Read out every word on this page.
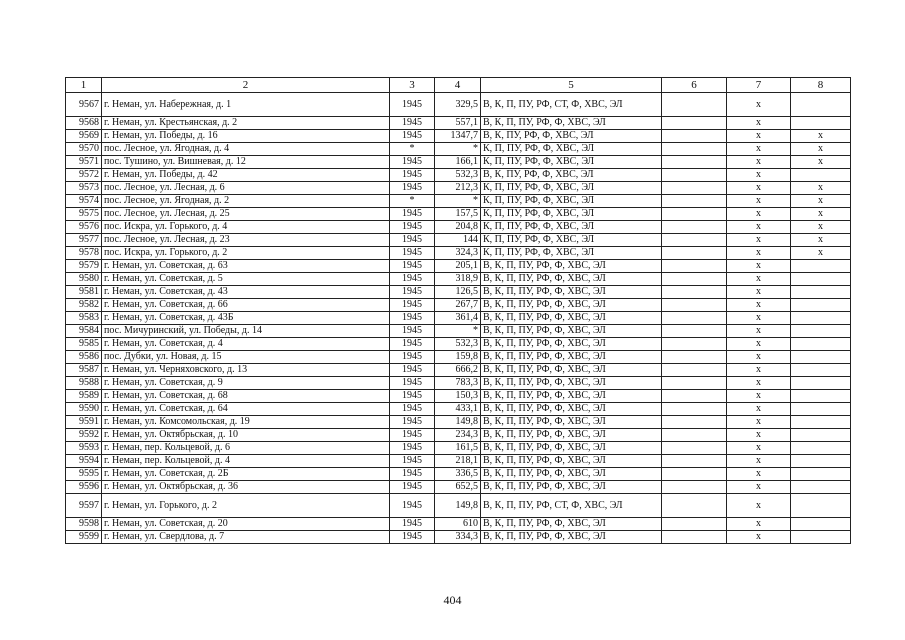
1	2	3	4	5	6	7	8
9567	г. Неман, ул. Набережная, д. 1	1945	329,5	В, К, П, ПУ, РФ, СТ, Ф, ХВС, ЭЛ		х	
9568	г. Неман, ул. Крестьянская, д. 2	1945	557,1	В, К, П, ПУ, РФ, Ф, ХВС, ЭЛ		х	
9569	г. Неман, ул. Победы, д. 16	1945	1347,7	В, К, ПУ, РФ, Ф, ХВС, ЭЛ		х	х
9570	пос. Лесное, ул. Ягодная, д. 4	*	*	К, П, ПУ, РФ, Ф, ХВС, ЭЛ		х	х
9571	пос. Тушино, ул. Вишневая, д. 12	1945	166,1	К, П, ПУ, РФ, Ф, ХВС, ЭЛ		х	х
9572	г. Неман, ул. Победы, д. 42	1945	532,3	В, К, ПУ, РФ, Ф, ХВС, ЭЛ		х	
9573	пос. Лесное, ул. Лесная, д. 6	1945	212,3	К, П, ПУ, РФ, Ф, ХВС, ЭЛ		х	х
9574	пос. Лесное, ул. Ягодная, д. 2	*	*	К, П, ПУ, РФ, Ф, ХВС, ЭЛ		х	х
9575	пос. Лесное, ул. Лесная, д. 25	1945	157,5	К, П, ПУ, РФ, Ф, ХВС, ЭЛ		х	х
9576	пос. Искра, ул. Горького, д. 4	1945	204,8	К, П, ПУ, РФ, Ф, ХВС, ЭЛ		х	х
9577	пос. Лесное, ул. Лесная, д. 23	1945	144	К, П, ПУ, РФ, Ф, ХВС, ЭЛ		х	х
9578	пос. Искра, ул. Горького, д. 2	1945	324,3	К, П, ПУ, РФ, Ф, ХВС, ЭЛ		х	х
9579	г. Неман, ул. Советская, д. 63	1945	205,1	В, К, П, ПУ, РФ, Ф, ХВС, ЭЛ		х	
9580	г. Неман, ул. Советская, д. 5	1945	318,9	В, К, П, ПУ, РФ, Ф, ХВС, ЭЛ		х	
9581	г. Неман, ул. Советская, д. 43	1945	126,5	В, К, П, ПУ, РФ, Ф, ХВС, ЭЛ		х	
9582	г. Неман, ул. Советская, д. 66	1945	267,7	В, К, П, ПУ, РФ, Ф, ХВС, ЭЛ		х	
9583	г. Неман, ул. Советская, д. 43Б	1945	361,4	В, К, П, ПУ, РФ, Ф, ХВС, ЭЛ		х	
9584	пос. Мичуринский, ул. Победы, д. 14	1945	*	В, К, П, ПУ, РФ, Ф, ХВС, ЭЛ		х	
9585	г. Неман, ул. Советская, д. 4	1945	532,3	В, К, П, ПУ, РФ, Ф, ХВС, ЭЛ		х	
9586	пос. Дубки, ул. Новая, д. 15	1945	159,8	В, К, П, ПУ, РФ, Ф, ХВС, ЭЛ		х	
9587	г. Неман, ул. Черняховского, д. 13	1945	666,2	В, К, П, ПУ, РФ, Ф, ХВС, ЭЛ		х	
9588	г. Неман, ул. Советская, д. 9	1945	783,3	В, К, П, ПУ, РФ, Ф, ХВС, ЭЛ		х	
9589	г. Неман, ул. Советская, д. 68	1945	150,3	В, К, П, ПУ, РФ, Ф, ХВС, ЭЛ		х	
9590	г. Неман, ул. Советская, д. 64	1945	433,1	В, К, П, ПУ, РФ, Ф, ХВС, ЭЛ		х	
9591	г. Неман, ул. Комсомольская, д. 19	1945	149,8	В, К, П, ПУ, РФ, Ф, ХВС, ЭЛ		х	
9592	г. Неман, ул. Октябрьская, д. 10	1945	234,3	В, К, П, ПУ, РФ, Ф, ХВС, ЭЛ		х	
9593	г. Неман, пер. Кольцевой, д. 6	1945	161,5	В, К, П, ПУ, РФ, Ф, ХВС, ЭЛ		х	
9594	г. Неман, пер. Кольцевой, д. 4	1945	218,1	В, К, П, ПУ, РФ, Ф, ХВС, ЭЛ		х	
9595	г. Неман, ул. Советская, д. 2Б	1945	336,5	В, К, П, ПУ, РФ, Ф, ХВС, ЭЛ		х	
9596	г. Неман, ул. Октябрьская, д. 36	1945	652,5	В, К, П, ПУ, РФ, Ф, ХВС, ЭЛ		х	
9597	г. Неман, ул. Горького, д. 2	1945	149,8	В, К, П, ПУ, РФ, СТ, Ф, ХВС, ЭЛ		х	
9598	г. Неман, ул. Советская, д. 20	1945	610	В, К, П, ПУ, РФ, Ф, ХВС, ЭЛ		х	
9599	г. Неман, ул. Свердлова, д. 7	1945	334,3	В, К, П, ПУ, РФ, Ф, ХВС, ЭЛ		х	
404
